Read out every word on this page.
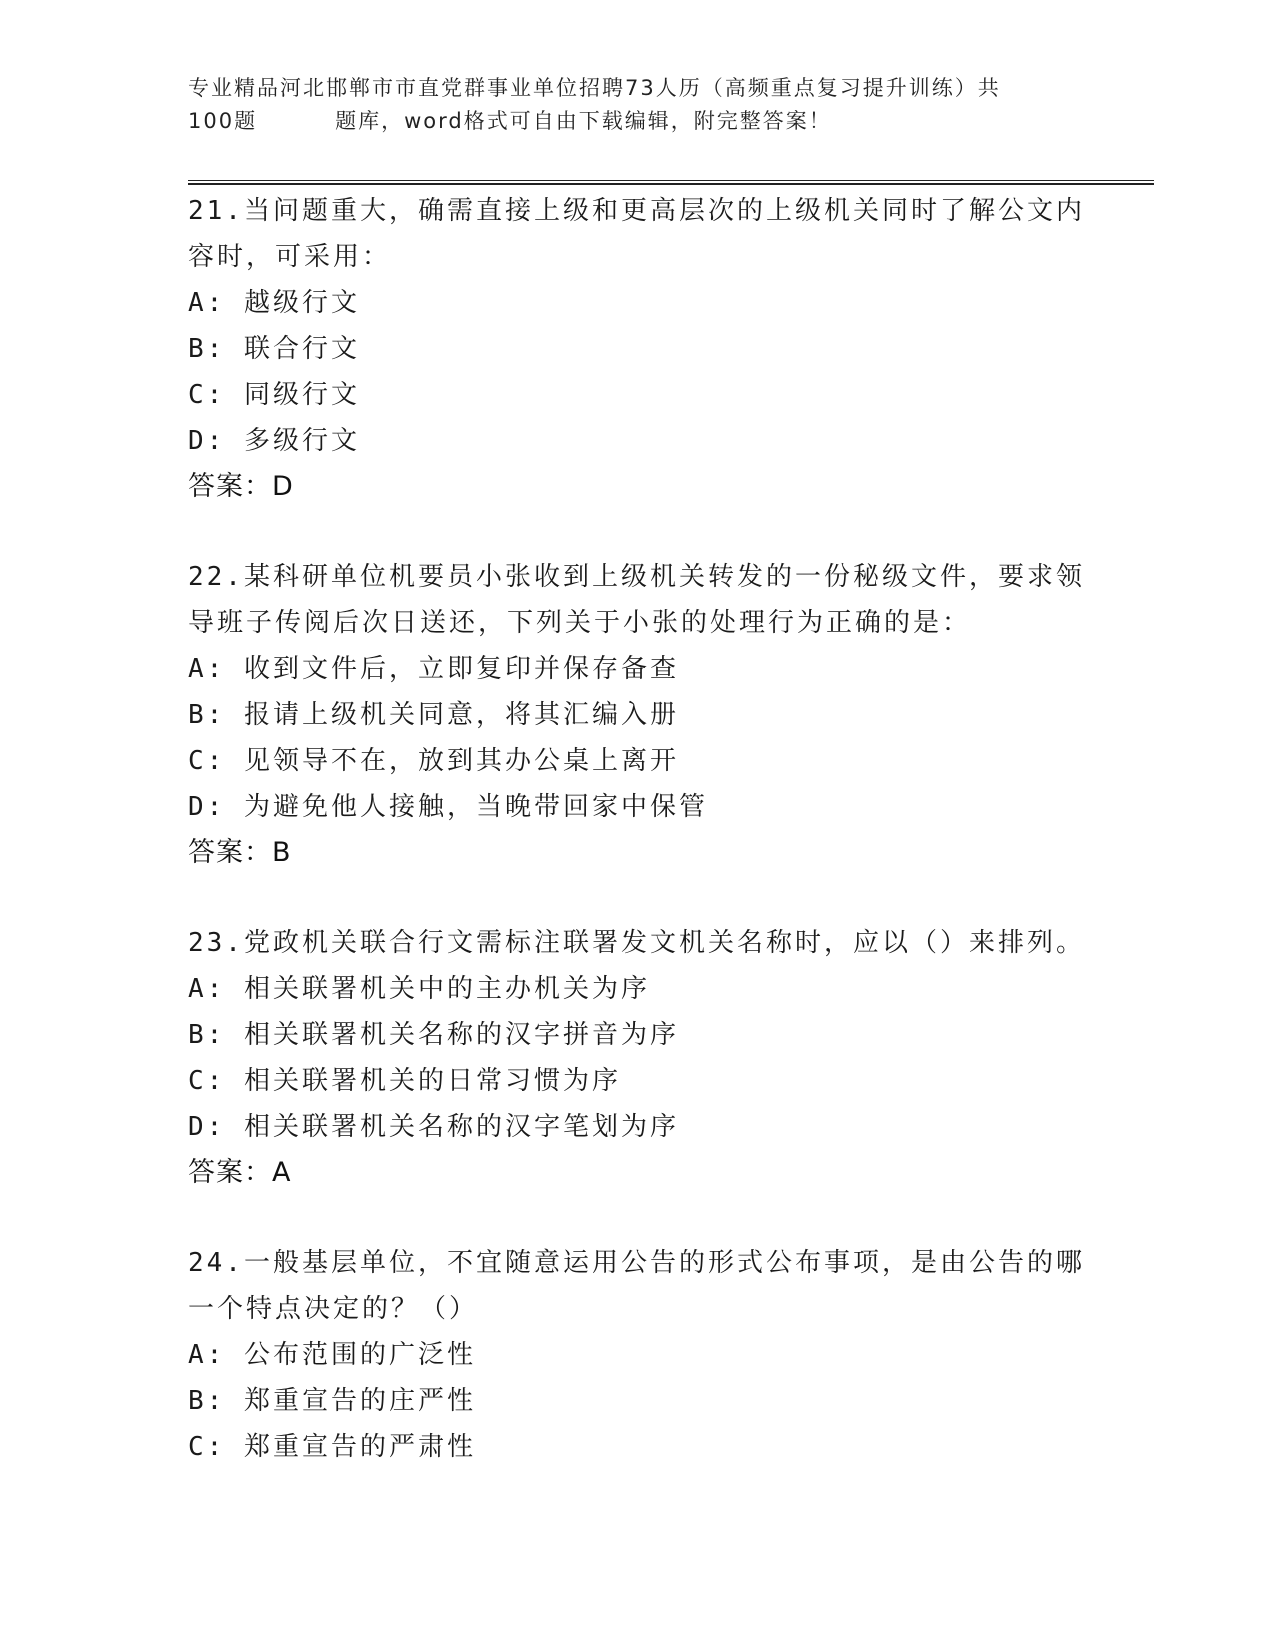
专业精品河北邯郸市市直党群事业单位招聘73人历（高频重点复习提升训练）共
100题	题库，word格式可自由下载编辑，附完整答案！
21.当问题重大，确需直接上级和更高层次的上级机关同时了解公文内
容时，可采用：
A: 越级行文
B: 联合行文
C: 同级行文
D: 多级行文
答案：D
22.某科研单位机要员小张收到上级机关转发的一份秘级文件，要求领
导班子传阅后次日送还，下列关于小张的处理行为正确的是：
A: 收到文件后，立即复印并保存备查
B: 报请上级机关同意，将其汇编入册
C: 见领导不在，放到其办公桌上离开
D: 为避免他人接触，当晚带回家中保管
答案：B
23.党政机关联合行文需标注联署发文机关名称时，应以（）来排列。
A: 相关联署机关中的主办机关为序
B: 相关联署机关名称的汉字拼音为序
C: 相关联署机关的日常习惯为序
D: 相关联署机关名称的汉字笔划为序
答案：A
24.一般基层单位，不宜随意运用公告的形式公布事项，是由公告的哪
一个特点决定的？（）
A: 公布范围的广泛性
B: 郑重宣告的庄严性
C: 郑重宣告的严肃性
